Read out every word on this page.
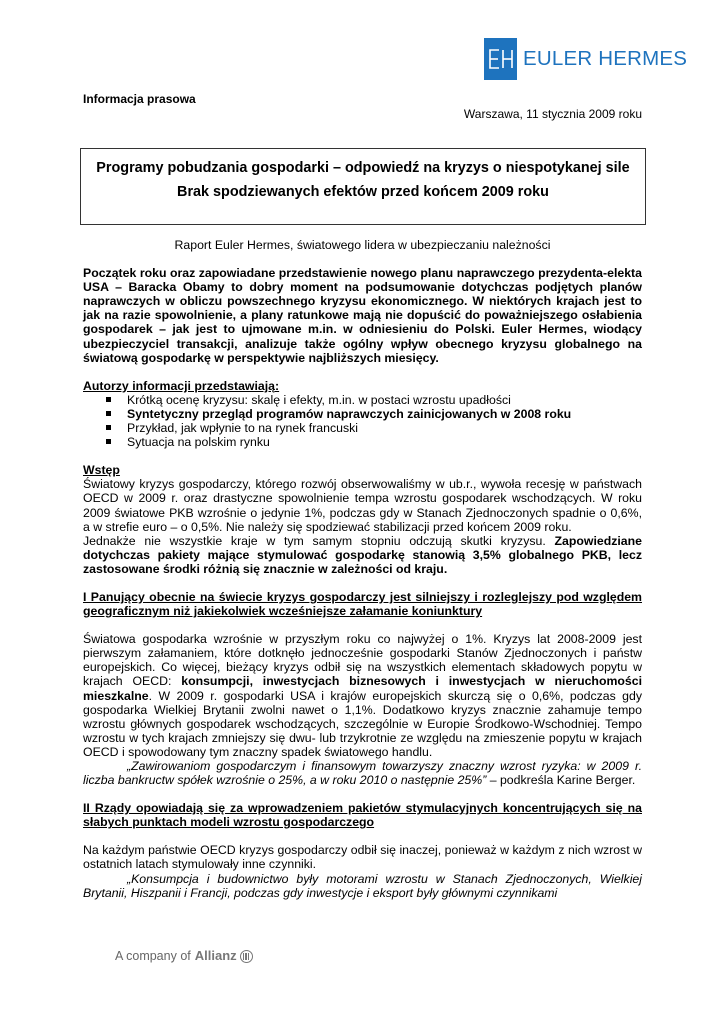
EULER HERMES
Informacja prasowa
Warszawa, 11 stycznia 2009 roku
Programy pobudzania gospodarki – odpowiedź na kryzys o niespotykanej sile
Brak spodziewanych efektów przed końcem 2009 roku

Raport Euler Hermes, światowego lidera w ubezpieczaniu należności

Początek roku oraz zapowiadane przedstawienie nowego planu naprawczego prezydenta-elekta USA – Baracka Obamy to dobry moment na podsumowanie dotychczas podjętych planów naprawczych w obliczu powszechnego kryzysu ekonomicznego. W niektórych krajach jest to jak na razie spowolnienie, a plany ratunkowe mają nie dopuścić do poważniejszego osłabienia gospodarek – jak jest to ujmowane m.in. w odniesieniu do Polski. Euler Hermes, wiodący ubezpieczyciel transakcji, analizuje także ogólny wpływ obecnego kryzysu globalnego na światową gospodarkę w perspektywie najbliższych miesięcy.

Autorzy informacji przedstawiają:
Krótką ocenę kryzysu: skalę i efekty, m.in. w postaci wzrostu upadłości
Syntetyczny przegląd programów naprawczych zainicjowanych w 2008 roku
Przykład, jak wpłynie to na rynek francuski
Sytuacja na polskim rynku
Wstęp

Światowy kryzys gospodarczy, którego rozwój obserwowaliśmy w ub.r., wywoła recesję w państwach OECD w 2009 r. oraz drastyczne spowolnienie tempa wzrostu gospodarek wschodzących. W roku 2009 światowe PKB wzrośnie o jedynie 1%, podczas gdy w Stanach Zjednoczonych spadnie o 0,6%, a w strefie euro – o 0,5%. Nie należy się spodziewać stabilizacji przed końcem 2009 roku.

Jednakże nie wszystkie kraje w tym samym stopniu odczują skutki kryzysu. Zapowiedziane dotychczas pakiety mające stymulować gospodarkę stanowią 3,5% globalnego PKB, lecz zastosowane środki różnią się znacznie w zależności od kraju.

I Panujący obecnie na świecie kryzys gospodarczy jest silniejszy i rozleglejszy pod względem geograficznym niż jakiekolwiek wcześniejsze załamanie koniunktury

Światowa gospodarka wzrośnie w przyszłym roku co najwyżej o 1%. Kryzys lat 2008-2009 jest pierwszym załamaniem, które dotknęło jednocześnie gospodarki Stanów Zjednoczonych i państw europejskich. Co więcej, bieżący kryzys odbił się na wszystkich elementach składowych popytu w krajach OECD: konsumpcji, inwestycjach biznesowych i inwestycjach w nieruchomości mieszkalne. W 2009 r. gospodarki USA i krajów europejskich skurczą się o 0,6%, podczas gdy gospodarka Wielkiej Brytanii zwolni nawet o 1,1%. Dodatkowo kryzys znacznie zahamuje tempo wzrostu głównych gospodarek wschodzących, szczególnie w Europie Środkowo-Wschodniej. Tempo wzrostu w tych krajach zmniejszy się dwu- lub trzykrotnie ze względu na zmieszenie popytu w krajach OECD i spowodowany tym znaczny spadek światowego handlu.

„Zawirowaniom gospodarczym i finansowym towarzyszy znaczny wzrost ryzyka: w 2009 r. liczba bankructw spółek wzrośnie o 25%, a w roku 2010 o następnie 25%” – podkreśla Karine Berger.

II Rządy opowiadają się za wprowadzeniem pakietów stymulacyjnych koncentrujących się na słabych punktach modeli wzrostu gospodarczego

Na każdym państwie OECD kryzys gospodarczy odbił się inaczej, ponieważ w każdym z nich wzrost w ostatnich latach stymulowały inne czynniki.

„Konsumpcja i budownictwo były motorami wzrostu w Stanach Zjednoczonych, Wielkiej Brytanii, Hiszpanii i Francji, podczas gdy inwestycje i eksport były głównymi czynnikami

A company of Allianz
